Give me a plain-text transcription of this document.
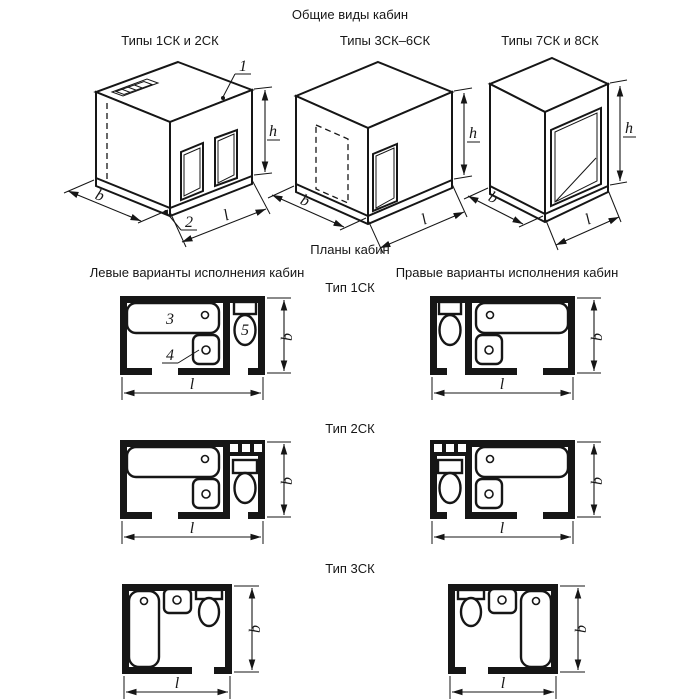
Общие виды кабин
Типы 1СК и 2СК	Типы 3СК–6СК	Типы 7СК и 8СК
1
2
h
b
l
h
b
l
h
b
l
Планы кабин
Левые варианты исполнения кабин	Правые варианты исполнения кабин
Тип 1СК
Тип 2СК
Тип 3СК
3
5
4
b
l
b
l
b
l
b
l
b
l
b
l
